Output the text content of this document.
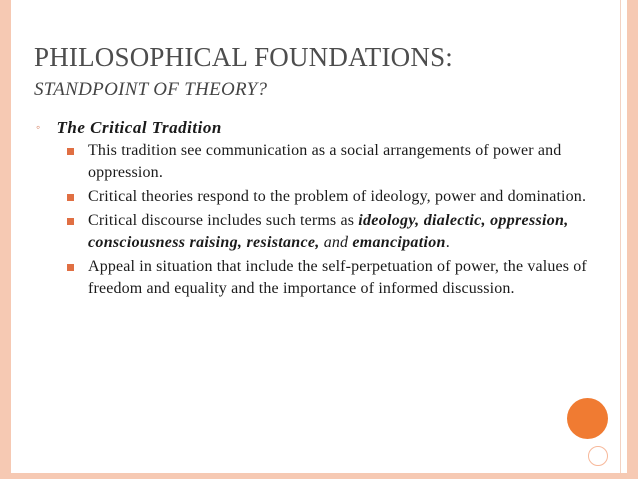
PHILOSOPHICAL FOUNDATIONS:
STANDPOINT OF THEORY?
◦ The Critical Tradition
This tradition see communication as a social arrangements of power and oppression.
Critical theories respond to the problem of ideology, power and domination.
Critical discourse includes such terms as ideology, dialectic, oppression, consciousness raising, resistance, and emancipation.
Appeal in situation that include the self-perpetuation of power, the values of freedom and equality and the importance of informed discussion.
